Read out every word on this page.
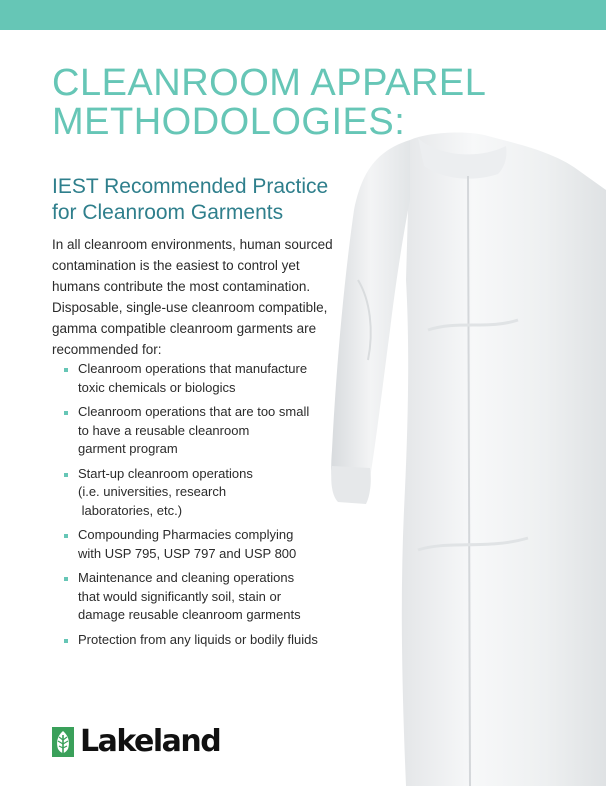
CLEANROOM APPAREL
METHODOLOGIES:
IEST Recommended Practice
for Cleanroom Garments
In all cleanroom environments, human sourced
contamination is the easiest to control yet
humans contribute the most contamination.
Disposable, single-use cleanroom compatible,
gamma compatible cleanroom garments are
recommended for:
Cleanroom operations that manufacture
toxic chemicals or biologics
Cleanroom operations that are too small
to have a reusable cleanroom
garment program
Start-up cleanroom operations
(i.e. universities, research
laboratories, etc.)
Compounding Pharmacies complying
with USP 795, USP 797 and USP 800
Maintenance and cleaning operations
that would significantly soil, stain or
damage reusable cleanroom garments
Protection from any liquids or bodily fluids
Lakeland
